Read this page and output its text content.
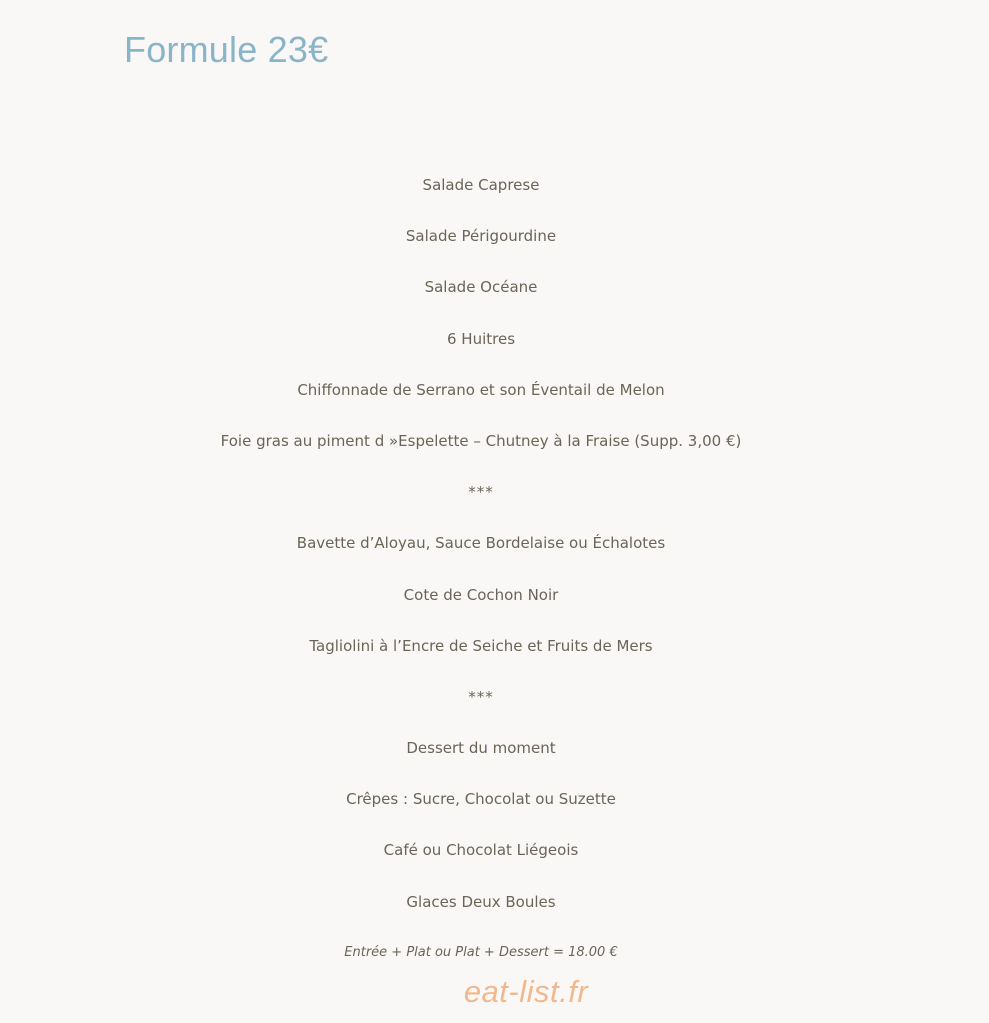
Formule 23€
Salade Caprese
Salade Périgourdine
Salade Océane
6 Huitres
Chiffonnade de Serrano et son Éventail de Melon
Foie gras au piment d »Espelette – Chutney à la Fraise (Supp. 3,00 €)
***
Bavette d’Aloyau, Sauce Bordelaise ou Échalotes
Cote de Cochon Noir
Tagliolini à l’Encre de Seiche et Fruits de Mers
***
Dessert du moment
Crêpes : Sucre, Chocolat ou Suzette
Café ou Chocolat Liégeois
Glaces Deux Boules
Entrée + Plat ou Plat + Dessert = 18.00 €
eat-list.fr
